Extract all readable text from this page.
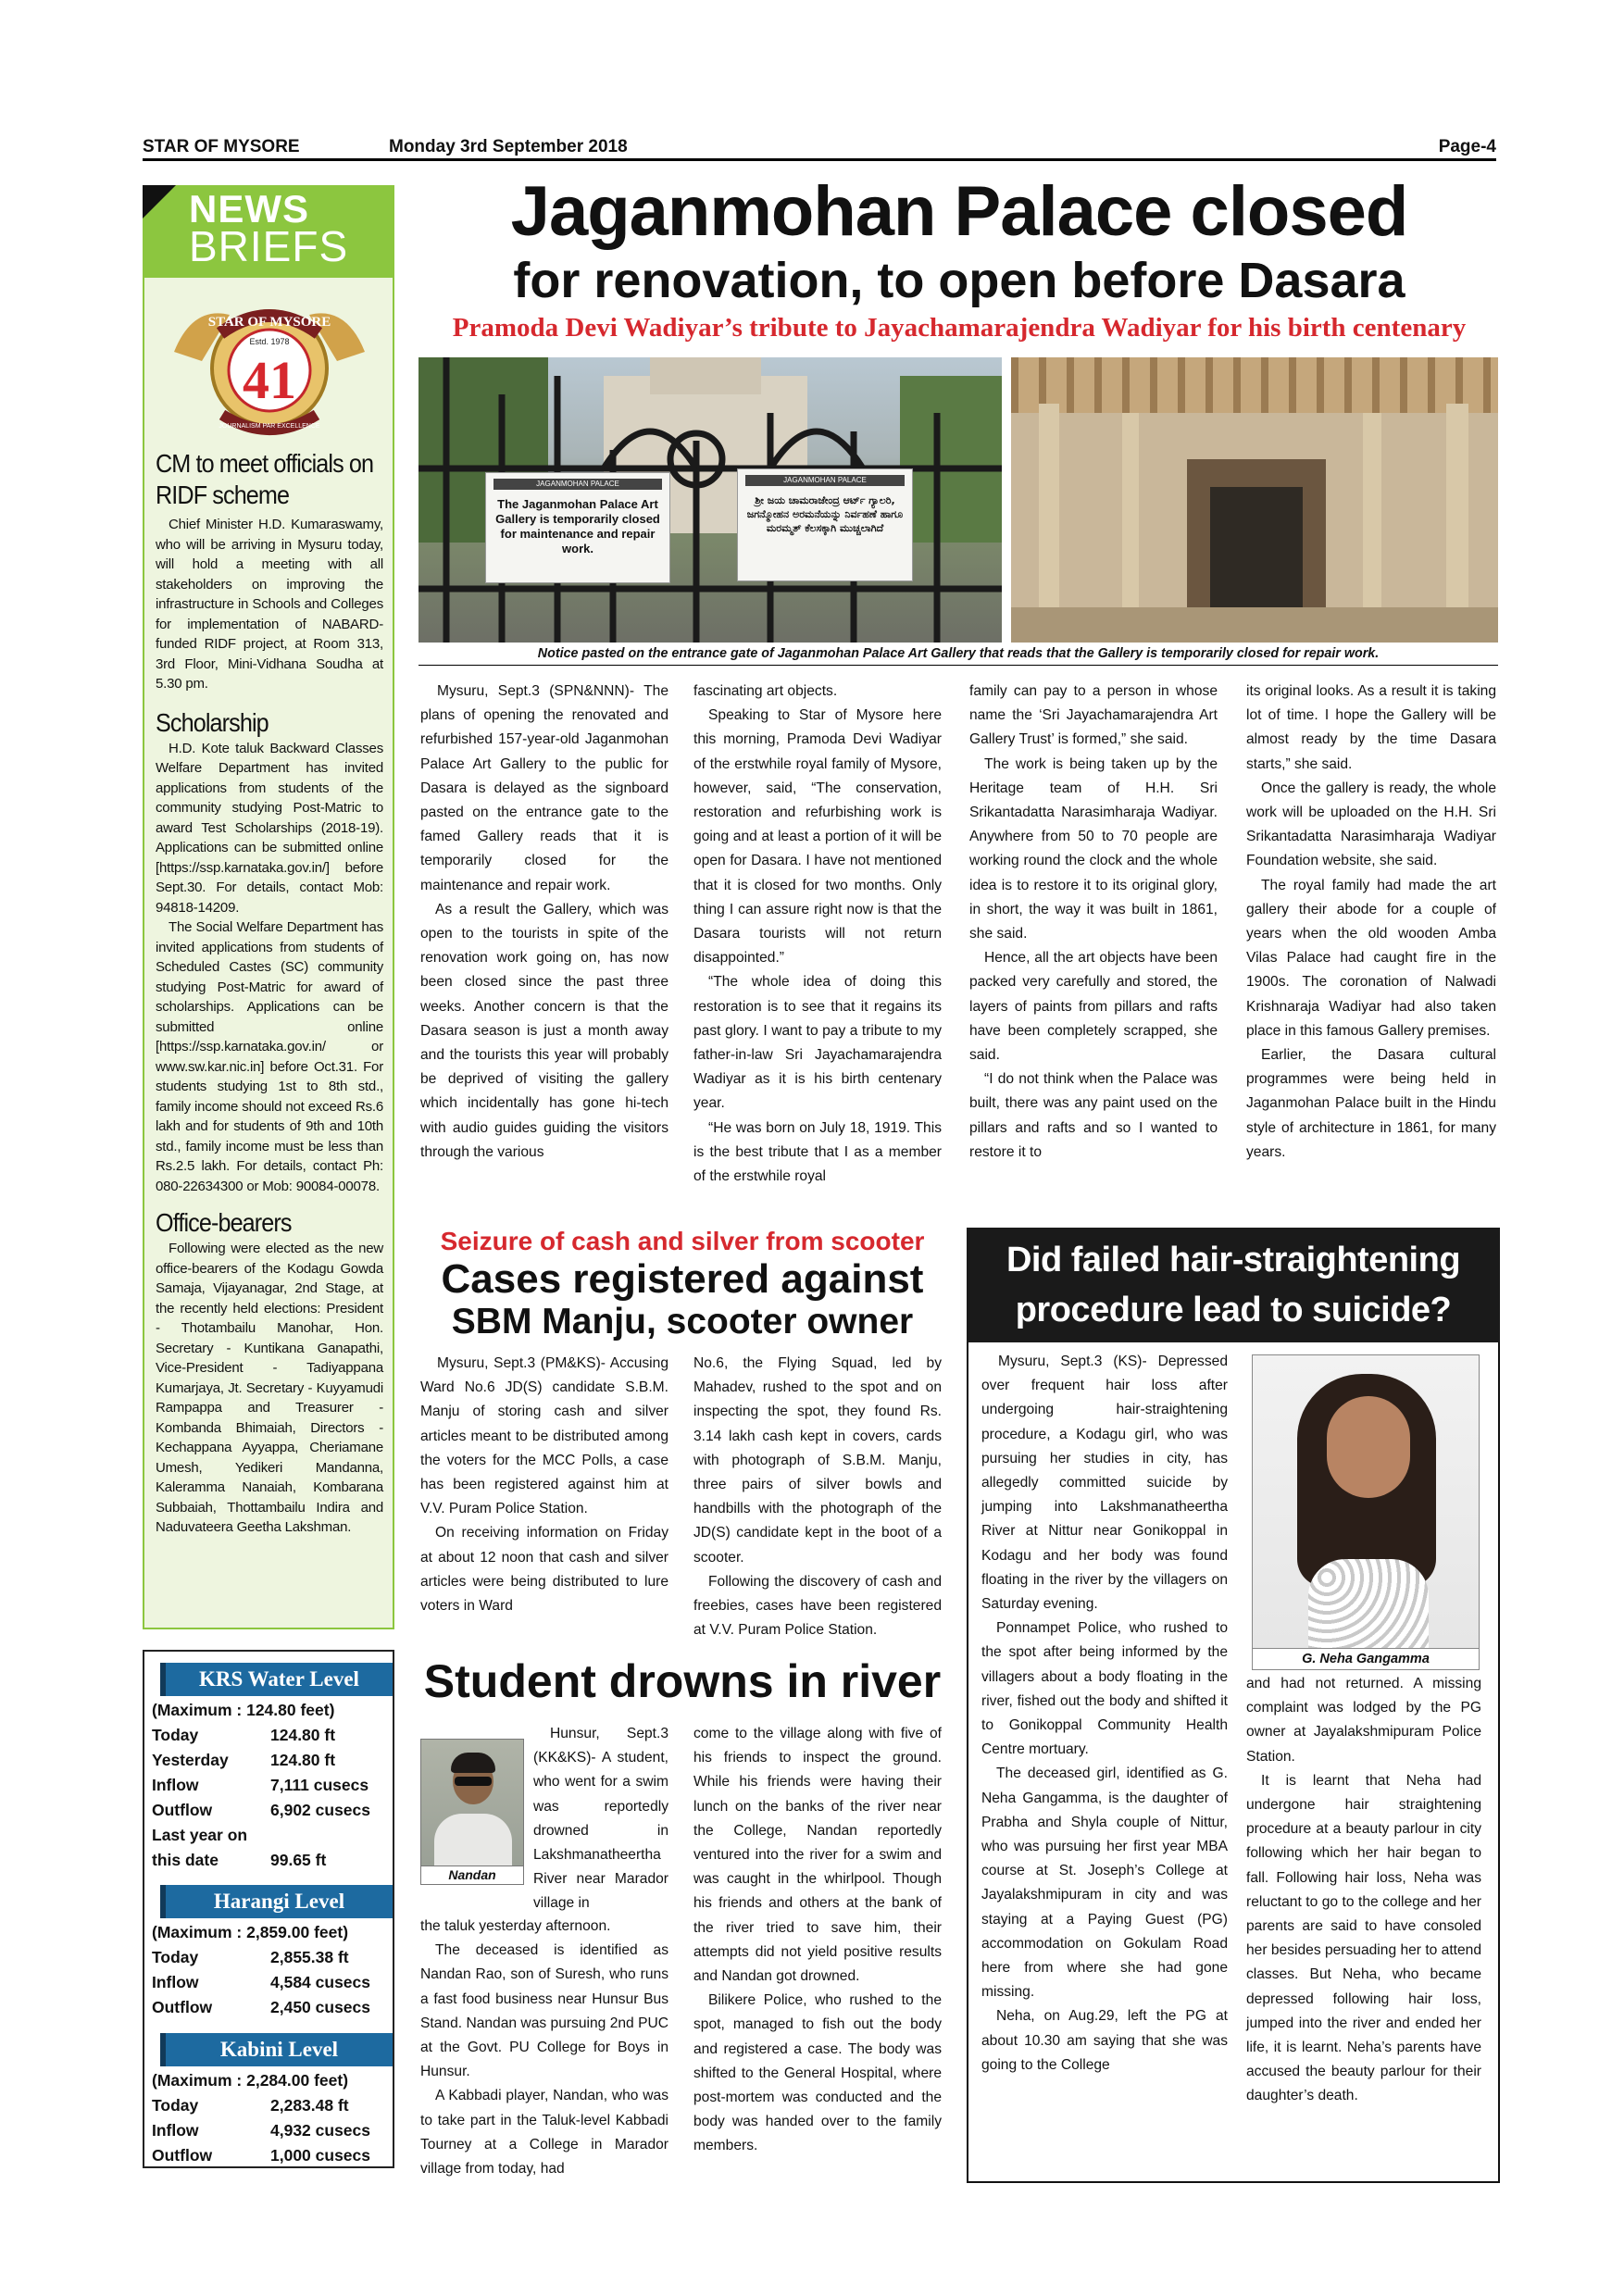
STAR OF MYSORE	Monday 3rd September 2018	Page-4
NEWS
BRIEFS
STAR OF MYSORE
Estd. 1978
41
JOURNALISM PAR EXCELLENCE
CM to meet officials on RIDF scheme

Chief Minister H.D. Kumaraswamy, who will be arriving in Mysuru today, will hold a meeting with all stakeholders on improving the infrastructure in Schools and Colleges for implementation of NABARD-funded RIDF project, at Room 313, 3rd Floor, Mini-Vidhana Soudha at 5.30 pm.

Scholarship

H.D. Kote taluk Backward Classes Welfare Department has invited applications from students of the community studying Post-Matric to award Test Scholarships (2018-19). Applications can be submitted online [https://ssp.karnataka.gov.in/] before Sept.30. For details, contact Mob: 94818-14209.

The Social Welfare Department has invited applications from students of Scheduled Castes (SC) community studying Post-Matric for award of scholarships. Applications can be submitted online [https://ssp.karnataka.gov.in/ or www.sw.kar.nic.in] before Oct.31. For students studying 1st to 8th std., family income should not exceed Rs.6 lakh and for students of 9th and 10th std., family income must be less than Rs.2.5 lakh. For details, contact Ph: 080-22634300 or Mob: 90084-00078.

Office-bearers

Following were elected as the new office-bearers of the Kodagu Gowda Samaja, Vijayanagar, 2nd Stage, at the recently held elections: President - Thotambailu Manohar, Hon. Secretary - Kuntikana Ganapathi, Vice-President - Tadiyappana Kumarjaya, Jt. Secretary - Kuyyamudi Rampappa and Treasurer - Kombanda Bhimaiah, Directors - Kechappana Ayyappa, Cheriamane Umesh, Yedikeri Mandanna, Kaleramma Nanaiah, Kombarana Subbaiah, Thottambailu Indira and Naduvateera Geetha Lakshman.

KRS Water Level
(Maximum : 124.80 feet)
Today	124.80 ft
Yesterday	124.80 ft
Inflow	7,111 cusecs
Outflow	6,902 cusecs
Last year on
this date	99.65 ft
Harangi Level
(Maximum : 2,859.00 feet)
Today	2,855.38 ft
Inflow	4,584 cusecs
Outflow	2,450 cusecs
Kabini Level
(Maximum : 2,284.00 feet)
Today	2,283.48 ft
Inflow	4,932 cusecs
Outflow	1,000 cusecs
Jaganmohan Palace closed
for renovation, to open before Dasara
Pramoda Devi Wadiyar’s tribute to Jayachamarajendra Wadiyar for his birth centenary
JAGANMOHAN PALACE
The Jaganmohan Palace Art Gallery is temporarily closed for maintenance and repair work.
JAGANMOHAN PALACE
ಶ್ರೀ ಜಯ ಚಾಮರಾಜೇಂದ್ರ ಆರ್ಟ್ ಗ್ಯಾಲರಿ, ಜಗನ್ಮೋಹನ ಅರಮನೆಯನ್ನು ನಿರ್ವಹಣೆ ಹಾಗೂ ಮರಮ್ಮತ್ ಕೆಲಸಕ್ಕಾಗಿ ಮುಚ್ಚಲಾಗಿದೆ
Notice pasted on the entrance gate of Jaganmohan Palace Art Gallery that reads that the Gallery is temporarily closed for repair work.

Mysuru, Sept.3 (SPN&NNN)- The plans of opening the renovated and refurbished 157-year-old Jaganmohan Palace Art Gallery to the public for Dasara is delayed as the signboard pasted on the entrance gate to the famed Gallery reads that it is temporarily closed for the maintenance and repair work.

As a result the Gallery, which was open to the tourists in spite of the renovation work going on, has now been closed since the past three weeks. Another concern is that the Dasara season is just a month away and the tourists this year will probably be deprived of visiting the gallery which incidentally has gone hi-tech with audio guides guiding the visitors through the various

fascinating art objects.

Speaking to Star of Mysore here this morning, Pramoda Devi Wadiyar of the erstwhile royal family of Mysore, however, said, “The conservation, restoration and refurbishing work is going and at least a portion of it will be open for Dasara. I have not mentioned that it is closed for two months. Only thing I can assure right now is that the Dasara tourists will not return disappointed.”

“The whole idea of doing this restoration is to see that it regains its past glory. I want to pay a tribute to my father-in-law Sri Jayachamarajendra Wadiyar as it is his birth centenary year.

“He was born on July 18, 1919. This is the best tribute that I as a member of the erstwhile royal

family can pay to a person in whose name the ‘Sri Jayachamarajendra Art Gallery Trust’ is formed,” she said.

The work is being taken up by the Heritage team of H.H. Sri Srikantadatta Narasimharaja Wadiyar. Anywhere from 50 to 70 people are working round the clock and the whole idea is to restore it to its original glory, in short, the way it was built in 1861, she said.

Hence, all the art objects have been packed very carefully and stored, the layers of paints from pillars and rafts have been completely scrapped, she said.

“I do not think when the Palace was built, there was any paint used on the pillars and rafts and so I wanted to restore it to

its original looks. As a result it is taking lot of time. I hope the Gallery will be almost ready by the time Dasara starts,” she said.

Once the gallery is ready, the whole work will be uploaded on the H.H. Sri Srikantadatta Narasimharaja Wadiyar Foundation website, she said.

The royal family had made the art gallery their abode for a couple of years when the old wooden Amba Vilas Palace had caught fire in the 1900s. The coronation of Nalwadi Krishnaraja Wadiyar had also taken place in this famous Gallery premises.

Earlier, the Dasara cultural programmes were being held in Jaganmohan Palace built in the Hindu style of architecture in 1861, for many years.

Seizure of cash and silver from scooter
Cases registered against
SBM Manju, scooter owner

Mysuru, Sept.3 (PM&KS)- Accusing Ward No.6 JD(S) candidate S.B.M. Manju of storing cash and silver articles meant to be distributed among the voters for the MCC Polls, a case has been registered against him at V.V. Puram Police Station.

On receiving information on Friday at about 12 noon that cash and silver articles were being distributed to lure voters in Ward

No.6, the Flying Squad, led by Mahadev, rushed to the spot and on inspecting the spot, they found Rs. 3.14 lakh cash kept in covers, cards with photograph of S.B.M. Manju, three pairs of silver bowls and handbills with the photograph of the JD(S) candidate kept in the boot of a scooter.

Following the discovery of cash and freebies, cases have been registered at V.V. Puram Police Station.

Student drowns in river
Nandan

Hunsur, Sept.3 (KK&KS)- A student, who went for a swim was reportedly drowned in Lakshmanatheertha River near Marador village in

the taluk yesterday afternoon.

The deceased is identified as Nandan Rao, son of Suresh, who runs a fast food business near Hunsur Bus Stand. Nandan was pursuing 2nd PUC at the Govt. PU College for Boys in Hunsur.

A Kabbadi player, Nandan, who was to take part in the Taluk-level Kabbadi Tourney at a College in Marador village from today, had

come to the village along with five of his friends to inspect the ground. While his friends were having their lunch on the banks of the river near the College, Nandan reportedly ventured into the river for a swim and was caught in the whirlpool. Though his friends and others at the bank of the river tried to save him, their attempts did not yield positive results and Nandan got drowned.

Bilikere Police, who rushed to the spot, managed to fish out the body and registered a case. The body was shifted to the General Hospital, where post-mortem was conducted and the body was handed over to the family members.

Did failed hair-straightening
procedure lead to suicide?
G. Neha Gangamma

Mysuru, Sept.3 (KS)- Depressed over frequent hair loss after undergoing hair-straightening procedure, a Kodagu girl, who was pursuing her studies in city, has allegedly committed suicide by jumping into Lakshmanatheertha River at Nittur near Gonikoppal in Kodagu and her body was found floating in the river by the villagers on Saturday evening.

Ponnampet Police, who rushed to the spot after being informed by the villagers about a body floating in the river, fished out the body and shifted it to Gonikoppal Community Health Centre mortuary.

The deceased girl, identified as G. Neha Gangamma, is the daughter of Prabha and Shyla couple of Nittur, who was pursuing her first year MBA course at St. Joseph’s College at Jayalakshmipuram in city and was staying at a Paying Guest (PG) accommodation on Gokulam Road here from where she had gone missing.

Neha, on Aug.29, left the PG at about 10.30 am saying that she was going to the College

and had not returned. A missing complaint was lodged by the PG owner at Jayalakshmipuram Police Station.

It is learnt that Neha had undergone hair straightening procedure at a beauty parlour in city following which her hair began to fall. Following hair loss, Neha was reluctant to go to the college and her parents are said to have consoled her besides persuading her to attend classes. But Neha, who became depressed following hair loss, jumped into the river and ended her life, it is learnt. Neha’s parents have accused the beauty parlour for their daughter’s death.
